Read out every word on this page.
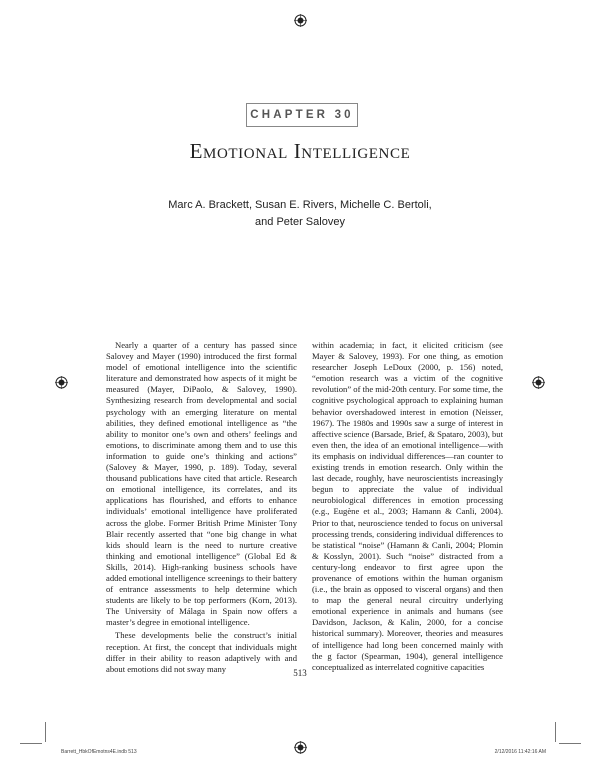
CHAPTER 30
Emotional Intelligence
Marc A. Brackett, Susan E. Rivers, Michelle C. Bertoli,
and Peter Salovey

Nearly a quarter of a century has passed since Salovey and Mayer (1990) introduced the first formal model of emotional intelligence into the scientific literature and demonstrated how aspects of it might be measured (Mayer, DiPaolo, & Salovey, 1990). Synthesizing research from developmental and social psychology with an emerging literature on mental abilities, they defined emotional intelligence as “the ability to monitor one’s own and others’ feelings and emotions, to discriminate among them and to use this information to guide one’s thinking and actions” (Salovey & Mayer, 1990, p. 189). Today, several thousand publications have cited that article. Research on emotional intelligence, its correlates, and its applications has flourished, and efforts to enhance individuals’ emotional intelligence have proliferated across the globe. Former British Prime Minister Tony Blair recently asserted that “one big change in what kids should learn is the need to nurture creative thinking and emotional intelligence” (Global Ed & Skills, 2014). High-ranking business schools have added emotional intelligence screenings to their battery of entrance assessments to help determine which students are likely to be top performers (Korn, 2013). The University of Málaga in Spain now offers a master’s degree in emotional intelligence.

These developments belie the construct’s initial reception. At first, the concept that individuals might differ in their ability to reason adaptively with and about emotions did not sway many

within academia; in fact, it elicited criticism (see Mayer & Salovey, 1993). For one thing, as emotion researcher Joseph LeDoux (2000, p. 156) noted, “emotion research was a victim of the cognitive revolution” of the mid-20th century. For some time, the cognitive psychological approach to explaining human behavior overshadowed interest in emotion (Neisser, 1967). The 1980s and 1990s saw a surge of interest in affective science (Barsade, Brief, & Spataro, 2003), but even then, the idea of an emotional intelligence—with its emphasis on individual differences—ran counter to existing trends in emotion research. Only within the last decade, roughly, have neuroscientists increasingly begun to appreciate the value of individual neurobiological differences in emotion processing (e.g., Eugène et al., 2003; Hamann & Canli, 2004). Prior to that, neuroscience tended to focus on universal processing trends, considering individual differences to be statistical “noise” (Hamann & Canli, 2004; Plomin & Kosslyn, 2001). Such “noise” distracted from a century-long endeavor to first agree upon the provenance of emotions within the human organism (i.e., the brain as opposed to visceral organs) and then to map the general neural circuitry underlying emotional experience in animals and humans (see Davidson, Jackson, & Kalin, 2000, for a concise historical summary). Moreover, theories and measures of intelligence had long been concerned mainly with the g factor (Spearman, 1904), general intelligence conceptualized as interrelated cognitive capacities

513
Barrett_HbkOfEmotns4E.indb 513	2/12/2016 11:42:16 AM
